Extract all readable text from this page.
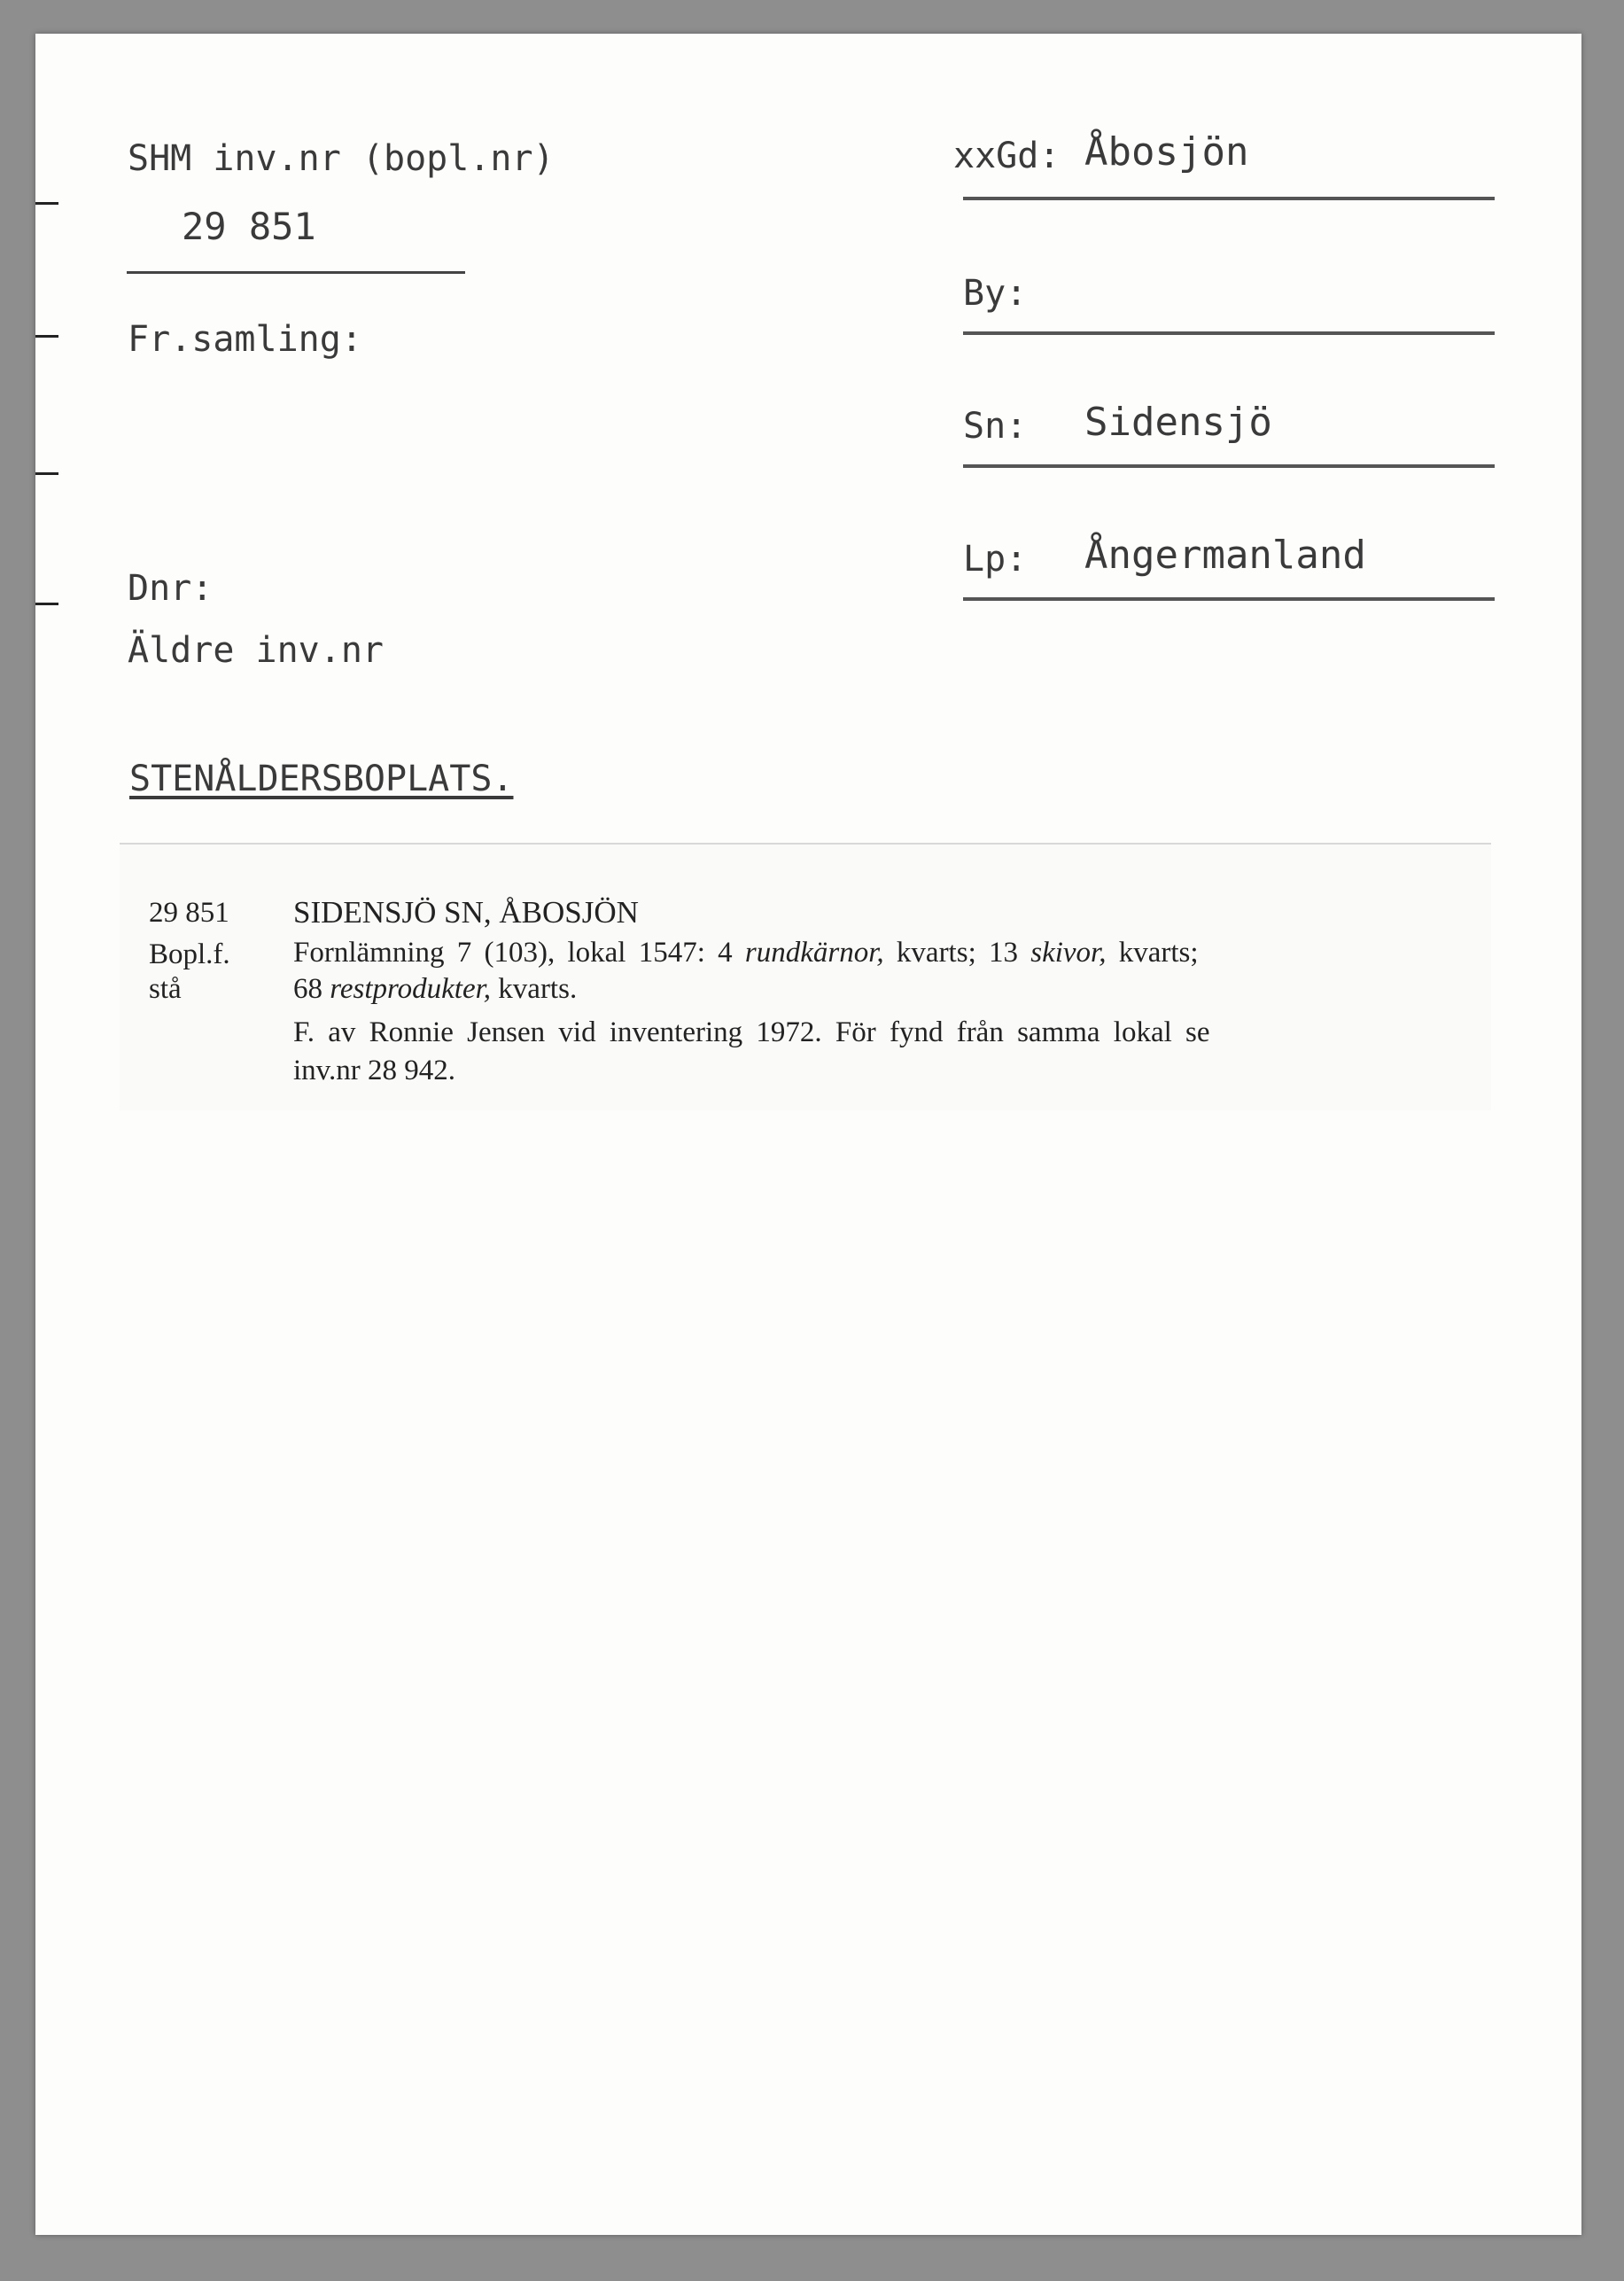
SHM inv.nr (bopl.nr)
29 851
Fr.samling:
Dnr:
Äldre inv.nr
STENÅLDERSBOPLATS.
xxGd: Åbosjön
By:
Sn: Sidensjö
Lp: Ångermanland
29 851
Bopl.f.
stå
SIDENSJÖ SN, ÅBOSJÖN
Fornlämning 7 (103), lokal 1547: 4 rundkärnor, kvarts; 13 skivor, kvarts;
68 restprodukter, kvarts.
F. av Ronnie Jensen vid inventering 1972. För fynd från samma lokal se
inv.nr 28 942.
